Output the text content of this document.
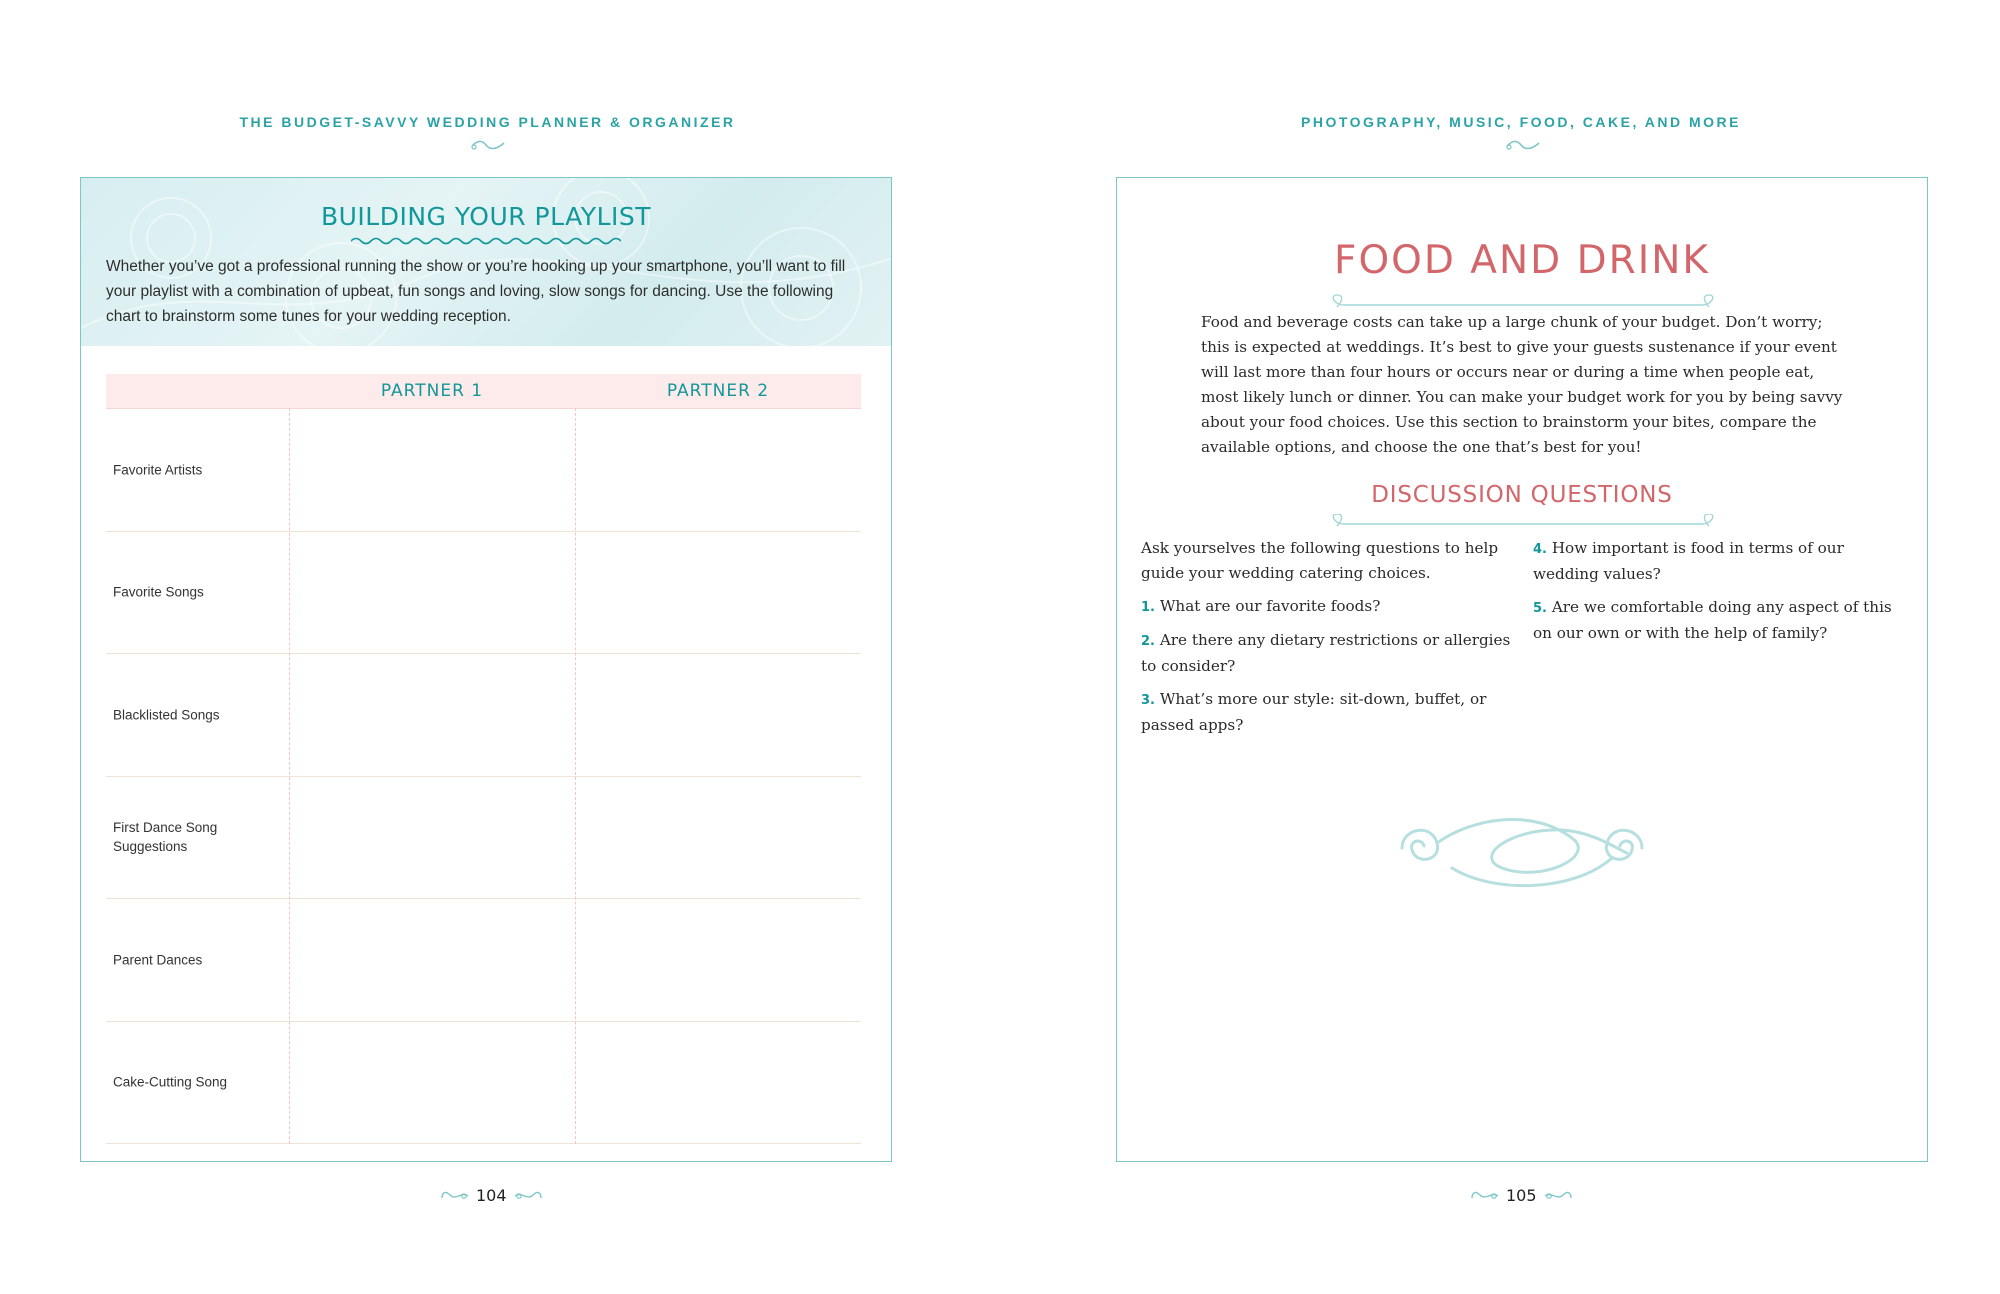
THE BUDGET-SAVVY WEDDING PLANNER & ORGANIZER
BUILDING YOUR PLAYLIST
Whether you’ve got a professional running the show or you’re hooking up your smartphone, you’ll want to fill your playlist with a combination of upbeat, fun songs and loving, slow songs for dancing. Use the following chart to brainstorm some tunes for your wedding reception.
PARTNER 1	PARTNER 2
Favorite Artists
Favorite Songs
Blacklisted Songs
First Dance Song Suggestions
Parent Dances
Cake-Cutting Song
104
PHOTOGRAPHY, MUSIC, FOOD, CAKE, AND MORE
FOOD AND DRINK
Food and beverage costs can take up a large chunk of your budget. Don’t worry; this is expected at weddings. It’s best to give your guests sustenance if your event will last more than four hours or occurs near or during a time when people eat, most likely lunch or dinner. You can make your budget work for you by being savvy about your food choices. Use this section to brainstorm your bites, compare the available options, and choose the one that’s best for you!
DISCUSSION QUESTIONS
Ask yourselves the following questions to help guide your wedding catering choices.
1. What are our favorite foods?
2. Are there any dietary restrictions or allergies to consider?
3. What’s more our style: sit-down, buffet, or passed apps?
4. How important is food in terms of our wedding values?
5. Are we comfortable doing any aspect of this on our own or with the help of family?
105
